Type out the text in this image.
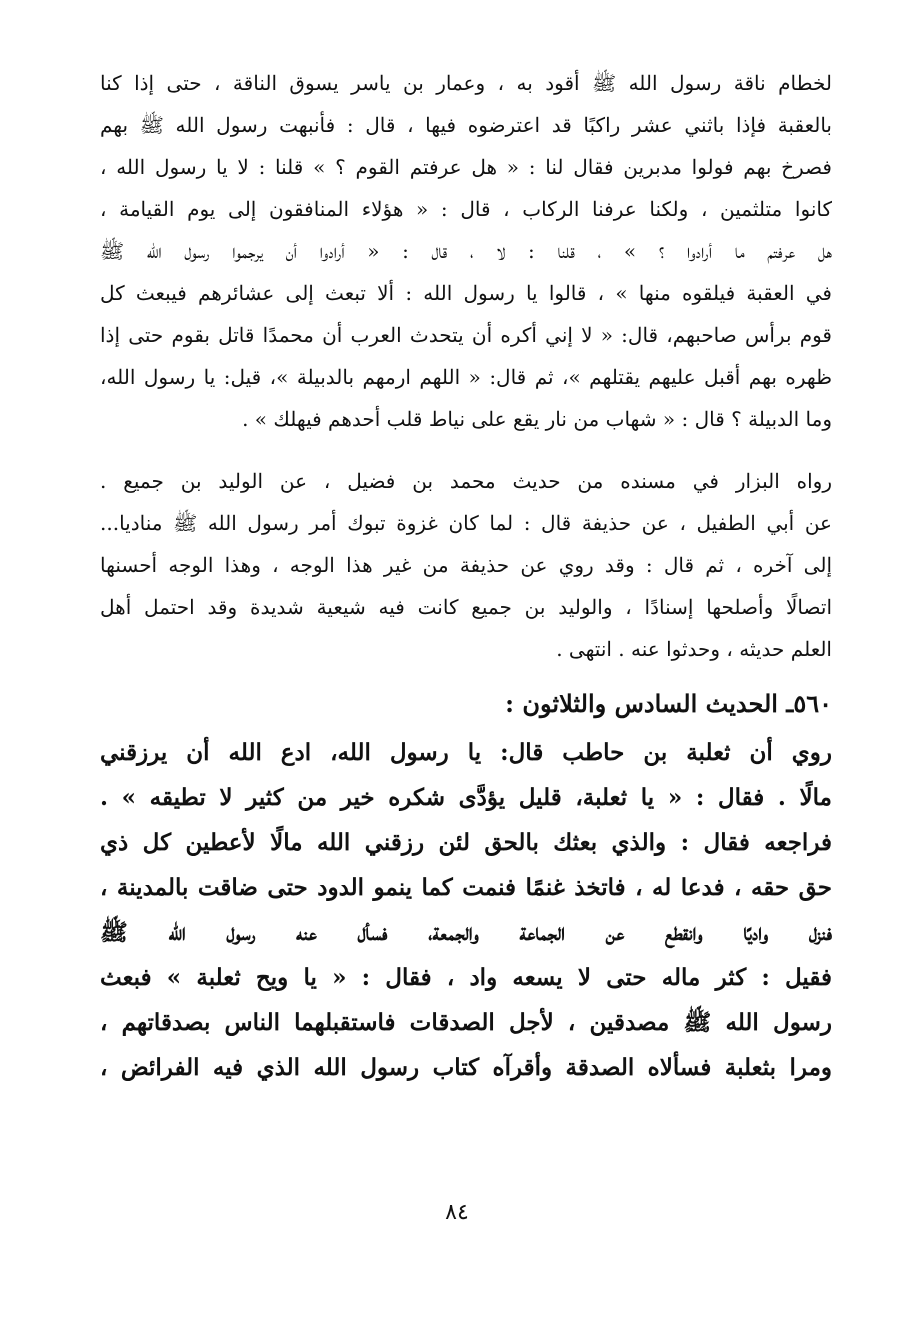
لخطام ناقة رسول الله ﷺ أقود به ، وعمار بن ياسر يسوق الناقة ، حتى إذا كنا
بالعقبة فإذا باثني عشر راكبًا قد اعترضوه فيها ، قال : فأنبهت رسول الله ﷺ بهم
فصرخ بهم فولوا مدبرين فقال لنا : « هل عرفتم القوم ؟ » قلنا : لا يا رسول الله ،
كانوا متلثمين ، ولكنا عرفنا الركاب ، قال : « هؤلاء المنافقون إلى يوم القيامة ،
هل عرفتم ما أرادوا ؟ » ، قلنا : لا ، قال : « أرادوا أن يرجموا رسول الله ﷺ
في العقبة فيلقوه منها » ، قالوا يا رسول الله : ألا تبعث إلى عشائرهم فيبعث كل
قوم برأس صاحبهم، قال: « لا إني أكره أن يتحدث العرب أن محمدًا قاتل بقوم حتى إذا
ظهره بهم أقبل عليهم يقتلهم »، ثم قال: « اللهم ارمهم بالدبيلة »، قيل: يا رسول الله،
وما الدبيلة ؟ قال : « شهاب من نار يقع على نياط قلب أحدهم فيهلك » .
رواه البزار في مسنده من حديث محمد بن فضيل ، عن الوليد بن جميع .
عن أبي الطفيل ، عن حذيفة قال : لما كان غزوة تبوك أمر رسول الله ﷺ مناديا...
إلى آخره ، ثم قال : وقد روي عن حذيفة من غير هذا الوجه ، وهذا الوجه أحسنها
اتصالًا وأصلحها إسنادًا ، والوليد بن جميع كانت فيه شيعية شديدة وقد احتمل أهل
العلم حديثه ، وحدثوا عنه . انتهى .
٥٦٠ـ الحديث السادس والثلاثون :
روي أن ثعلبة بن حاطب قال: يا رسول الله، ادع الله أن يرزقني
مالًا . فقال : « يا ثعلبة، قليل يؤدَّى شكره خير من كثير لا تطيقه » .
فراجعه فقال : والذي بعثك بالحق لئن رزقني الله مالًا لأعطين كل ذي
حق حقه ، فدعا له ، فاتخذ غنمًا فنمت كما ينمو الدود حتى ضاقت بالمدينة ،
فنزل واديًا وانقطع عن الجماعة والجمعة، فسأل عنه رسول الله ﷺ
فقيل : كثر ماله حتى لا يسعه واد ، فقال : « يا ويح ثعلبة » فبعث
رسول الله ﷺ مصدقين ، لأجل الصدقات فاستقبلهما الناس بصدقاتهم ،
ومرا بثعلبة فسألاه الصدقة وأقرآه كتاب رسول الله الذي فيه الفرائض ،
٨٤
